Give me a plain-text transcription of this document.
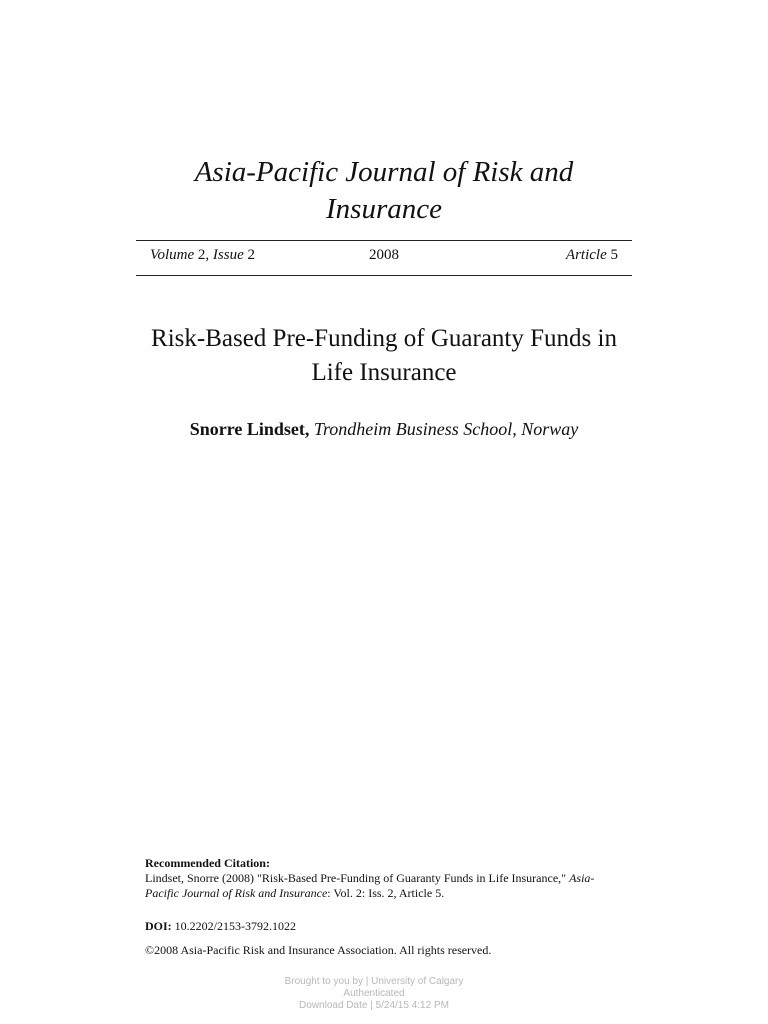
Asia-Pacific Journal of Risk and
Insurance
Volume 2, Issue 2	2008	Article 5
Risk-Based Pre-Funding of Guaranty Funds in
Life Insurance
Snorre Lindset, Trondheim Business School, Norway
Recommended Citation:
Lindset, Snorre (2008) "Risk-Based Pre-Funding of Guaranty Funds in Life Insurance," Asia-Pacific Journal of Risk and Insurance: Vol. 2: Iss. 2, Article 5.
DOI: 10.2202/2153-3792.1022
©2008 Asia-Pacific Risk and Insurance Association. All rights reserved.
Brought to you by | University of Calgary
Authenticated
Download Date | 5/24/15 4:12 PM
